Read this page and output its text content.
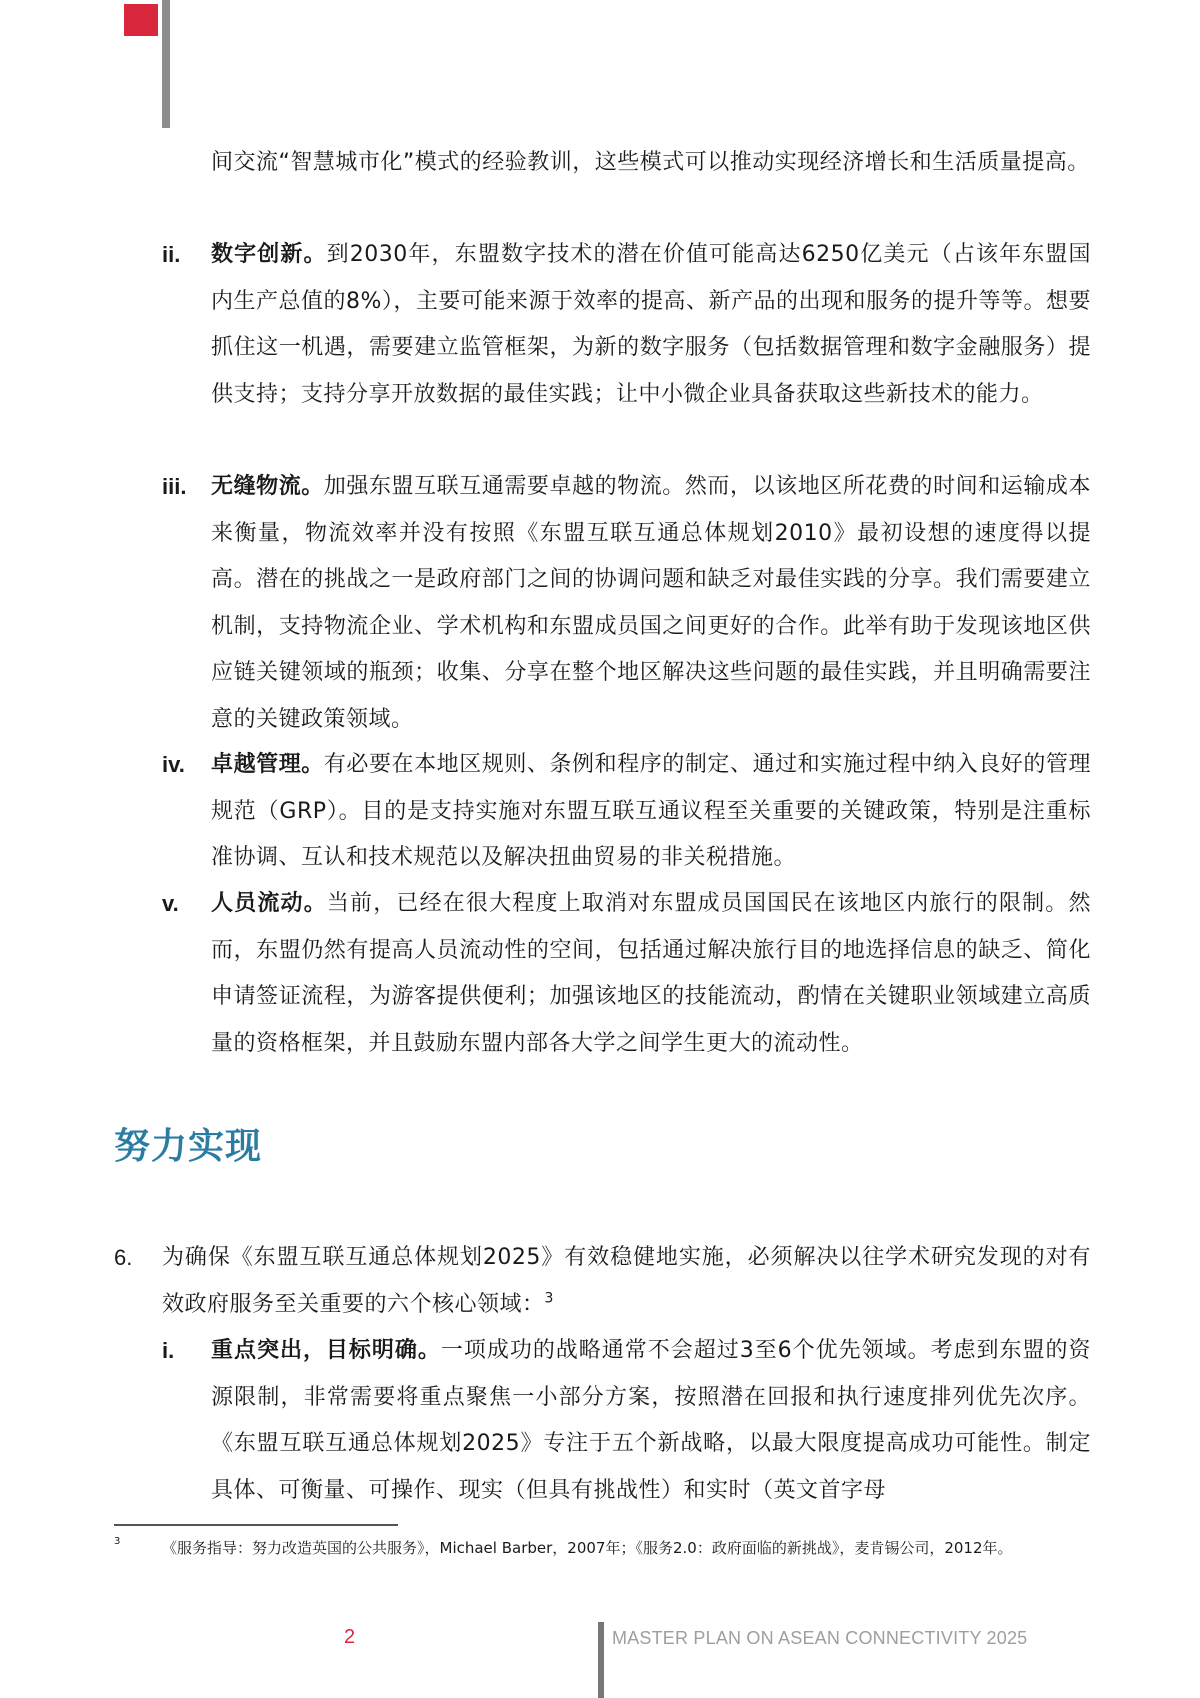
间交流“智慧城市化”模式的经验教训，这些模式可以推动实现经济增长和生活质量提高。

ii. 数字创新。到2030年，东盟数字技术的潜在价值可能高达6250亿美元（占该年东盟国内生产总值的8%），主要可能来源于效率的提高、新产品的出现和服务的提升等等。想要抓住这一机遇，需要建立监管框架，为新的数字服务（包括数据管理和数字金融服务）提供支持；支持分享开放数据的最佳实践；让中小微企业具备获取这些新技术的能力。

iii. 无缝物流。加强东盟互联互通需要卓越的物流。然而，以该地区所花费的时间和运输成本来衡量，物流效率并没有按照《东盟互联互通总体规划2010》最初设想的速度得以提高。潜在的挑战之一是政府部门之间的协调问题和缺乏对最佳实践的分享。我们需要建立机制，支持物流企业、学术机构和东盟成员国之间更好的合作。此举有助于发现该地区供应链关键领域的瓶颈；收集、分享在整个地区解决这些问题的最佳实践，并且明确需要注意的关键政策领域。

iv. 卓越管理。有必要在本地区规则、条例和程序的制定、通过和实施过程中纳入良好的管理规范（GRP）。目的是支持实施对东盟互联互通议程至关重要的关键政策，特别是注重标准协调、互认和技术规范以及解决扭曲贸易的非关税措施。

v. 人员流动。当前，已经在很大程度上取消对东盟成员国国民在该地区内旅行的限制。然而，东盟仍然有提高人员流动性的空间，包括通过解决旅行目的地选择信息的缺乏、简化申请签证流程，为游客提供便利；加强该地区的技能流动，酌情在关键职业领域建立高质量的资格框架，并且鼓励东盟内部各大学之间学生更大的流动性。

努力实现
6. 为确保《东盟互联互通总体规划2025》有效稳健地实施，必须解决以往学术研究发现的对有效政府服务至关重要的六个核心领域：$^3$

i. 重点突出，目标明确。一项成功的战略通常不会超过3至6个优先领域。考虑到东盟的资源限制，非常需要将重点聚焦一小部分方案，按照潜在回报和执行速度排列优先次序。《东盟互联互通总体规划2025》专注于五个新战略，以最大限度提高成功可能性。制定具体、可衡量、可操作、现实（但具有挑战性）和实时（英文首字母

3	《服务指导：努力改造英国的公共服务》，Michael Barber，2007年；《服务2.0：政府面临的新挑战》，麦肯锡公司，2012年。

2	MASTER PLAN ON ASEAN CONNECTIVITY 2025
